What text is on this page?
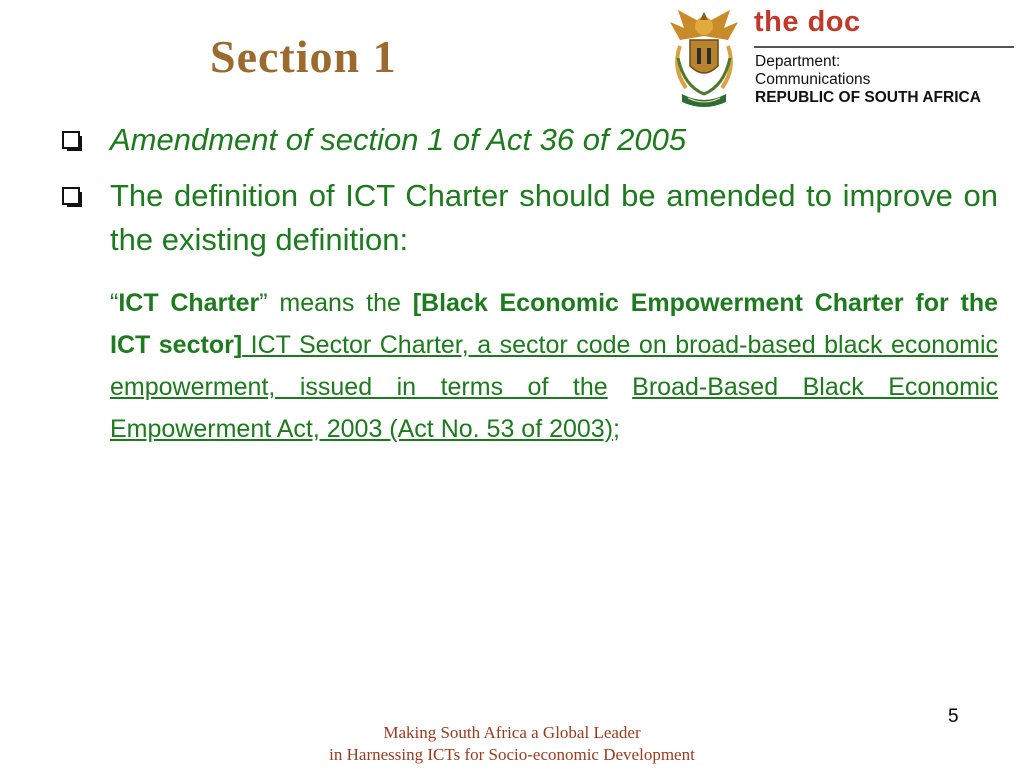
Section 1
the doc
Department:
Communications
REPUBLIC OF SOUTH AFRICA
Amendment of section 1 of Act 36 of 2005
The definition of ICT Charter should be amended to improve on the existing definition:

“ICT Charter” means the [Black Economic Empowerment Charter for the ICT sector] ICT Sector Charter, a sector code on broad-based black economic empowerment, issued in terms of the Broad-Based Black Economic Empowerment Act, 2003 (Act No. 53 of 2003);

5
Making South Africa a Global Leader
in Harnessing ICTs for Socio-economic Development
